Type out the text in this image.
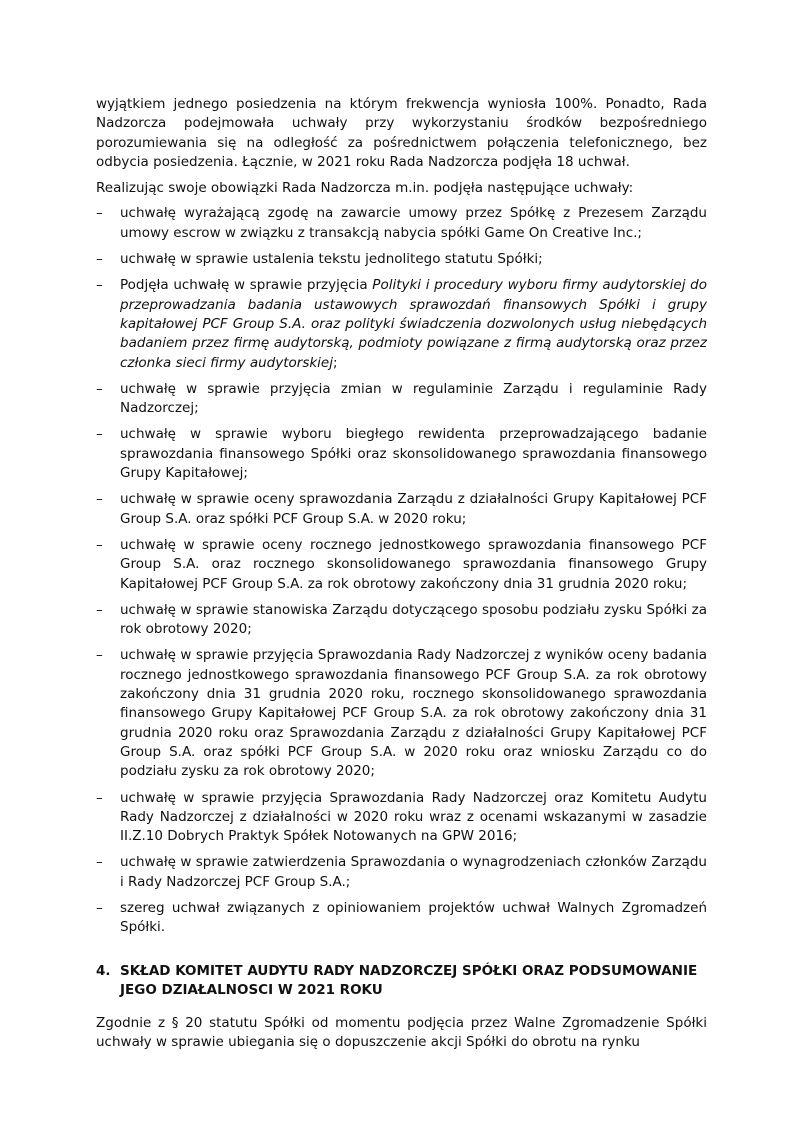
wyjątkiem jednego posiedzenia na którym frekwencja wyniosła 100%. Ponadto, Rada Nadzorcza podejmowała uchwały przy wykorzystaniu środków bezpośredniego porozumiewania się na odległość za pośrednictwem połączenia telefonicznego, bez odbycia posiedzenia. Łącznie, w 2021 roku Rada Nadzorcza podjęła 18 uchwał.

Realizując swoje obowiązki Rada Nadzorcza m.in. podjęła następujące uchwały:

– uchwałę wyrażającą zgodę na zawarcie umowy przez Spółkę z Prezesem Zarządu umowy escrow w związku z transakcją nabycia spółki Game On Creative Inc.;
– uchwałę w sprawie ustalenia tekstu jednolitego statutu Spółki;
– Podjęła uchwałę w sprawie przyjęcia Polityki i procedury wyboru firmy audytorskiej do przeprowadzania badania ustawowych sprawozdań finansowych Spółki i grupy kapitałowej PCF Group S.A. oraz polityki świadczenia dozwolonych usług niebędących badaniem przez firmę audytorską, podmioty powiązane z firmą audytorską oraz przez członka sieci firmy audytorskiej;
– uchwałę w sprawie przyjęcia zmian w regulaminie Zarządu i regulaminie Rady Nadzorczej;
– uchwałę w sprawie wyboru biegłego rewidenta przeprowadzającego badanie sprawozdania finansowego Spółki oraz skonsolidowanego sprawozdania finansowego Grupy Kapitałowej;
– uchwałę w sprawie oceny sprawozdania Zarządu z działalności Grupy Kapitałowej PCF Group S.A. oraz spółki PCF Group S.A. w 2020 roku;
– uchwałę w sprawie oceny rocznego jednostkowego sprawozdania finansowego PCF Group S.A. oraz rocznego skonsolidowanego sprawozdania finansowego Grupy Kapitałowej PCF Group S.A. za rok obrotowy zakończony dnia 31 grudnia 2020 roku;
– uchwałę w sprawie stanowiska Zarządu dotyczącego sposobu podziału zysku Spółki za rok obrotowy 2020;
– uchwałę w sprawie przyjęcia Sprawozdania Rady Nadzorczej z wyników oceny badania rocznego jednostkowego sprawozdania finansowego PCF Group S.A. za rok obrotowy zakończony dnia 31 grudnia 2020 roku, rocznego skonsolidowanego sprawozdania finansowego Grupy Kapitałowej PCF Group S.A. za rok obrotowy zakończony dnia 31 grudnia 2020 roku oraz Sprawozdania Zarządu z działalności Grupy Kapitałowej PCF Group S.A. oraz spółki PCF Group S.A. w 2020 roku oraz wniosku Zarządu co do podziału zysku za rok obrotowy 2020;
– uchwałę w sprawie przyjęcia Sprawozdania Rady Nadzorczej oraz Komitetu Audytu Rady Nadzorczej z działalności w 2020 roku wraz z ocenami wskazanymi w zasadzie II.Z.10 Dobrych Praktyk Spółek Notowanych na GPW 2016;
– uchwałę w sprawie zatwierdzenia Sprawozdania o wynagrodzeniach członków Zarządu i Rady Nadzorczej PCF Group S.A.;
– szereg uchwał związanych z opiniowaniem projektów uchwał Walnych Zgromadzeń Spółki.
4. SKŁAD KOMITET AUDYTU RADY NADZORCZEJ SPÓŁKI ORAZ PODSUMOWANIE JEGO DZIAŁALNOSCI W 2021 ROKU

Zgodnie z § 20 statutu Spółki od momentu podjęcia przez Walne Zgromadzenie Spółki uchwały w sprawie ubiegania się o dopuszczenie akcji Spółki do obrotu na rynku
